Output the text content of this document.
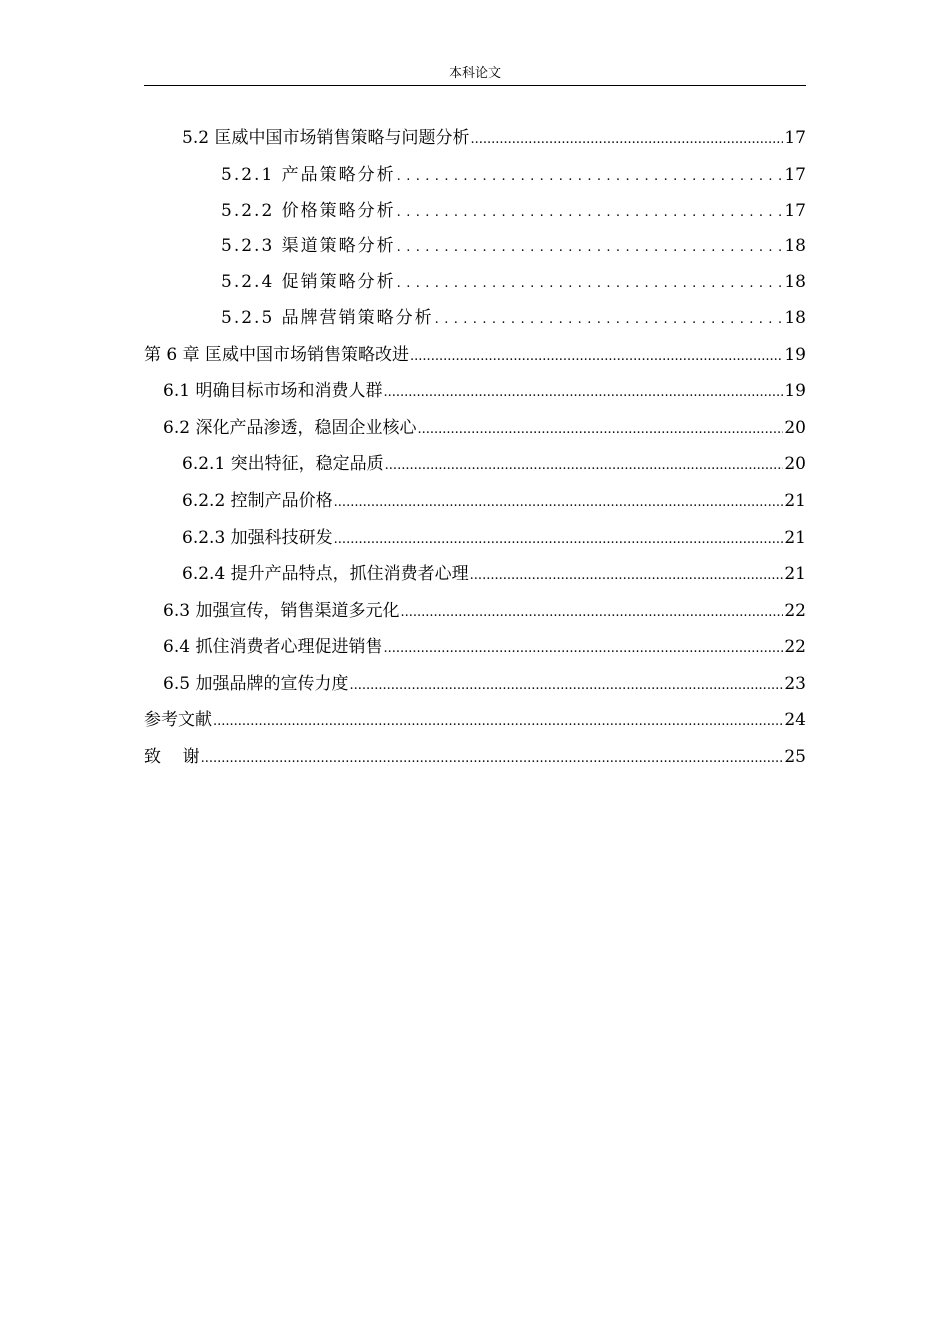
本科论文
5.2 匡威中国市场销售策略与问题分析 .....	17
5.2.1 产品策略分析 .....	17
5.2.2 价格策略分析 .....	17
5.2.3 渠道策略分析 .....	18
5.2.4 促销策略分析 .....	18
5.2.5 品牌营销策略分析 .....	18
第 6 章 匡威中国市场销售策略改进 .....	19
6.1 明确目标市场和消费人群 .....	19
6.2 深化产品渗透，稳固企业核心 .....	20
6.2.1 突出特征，稳定品质 .....	20
6.2.2 控制产品价格 .....	21
6.2.3 加强科技研发 .....	21
6.2.4 提升产品特点，抓住消费者心理 .....	21
6.3 加强宣传，销售渠道多元化 .....	22
6.4 抓住消费者心理促进销售 .....	22
6.5 加强品牌的宣传力度 .....	23
参考文献 .....	24
致    谢 .....	25
